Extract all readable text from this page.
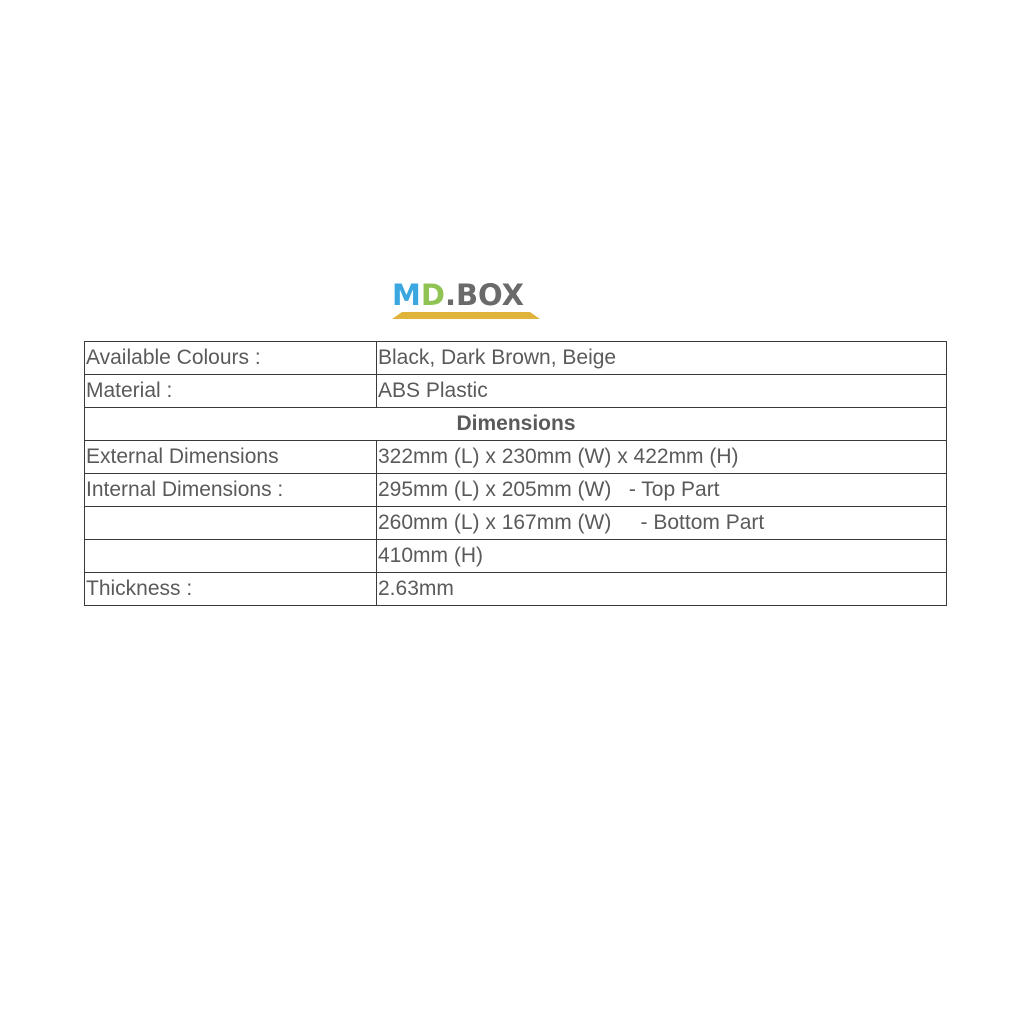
M D .BOX
Available Colours :	Black, Dark Brown, Beige
Material :	ABS Plastic
Dimensions	
External Dimensions	322mm (L) x 230mm (W) x 422mm (H)
Internal Dimensions :	295mm (L) x 205mm (W)   - Top Part
	260mm (L) x 167mm (W)     - Bottom Part
	410mm (H)
Thickness :	2.63mm
